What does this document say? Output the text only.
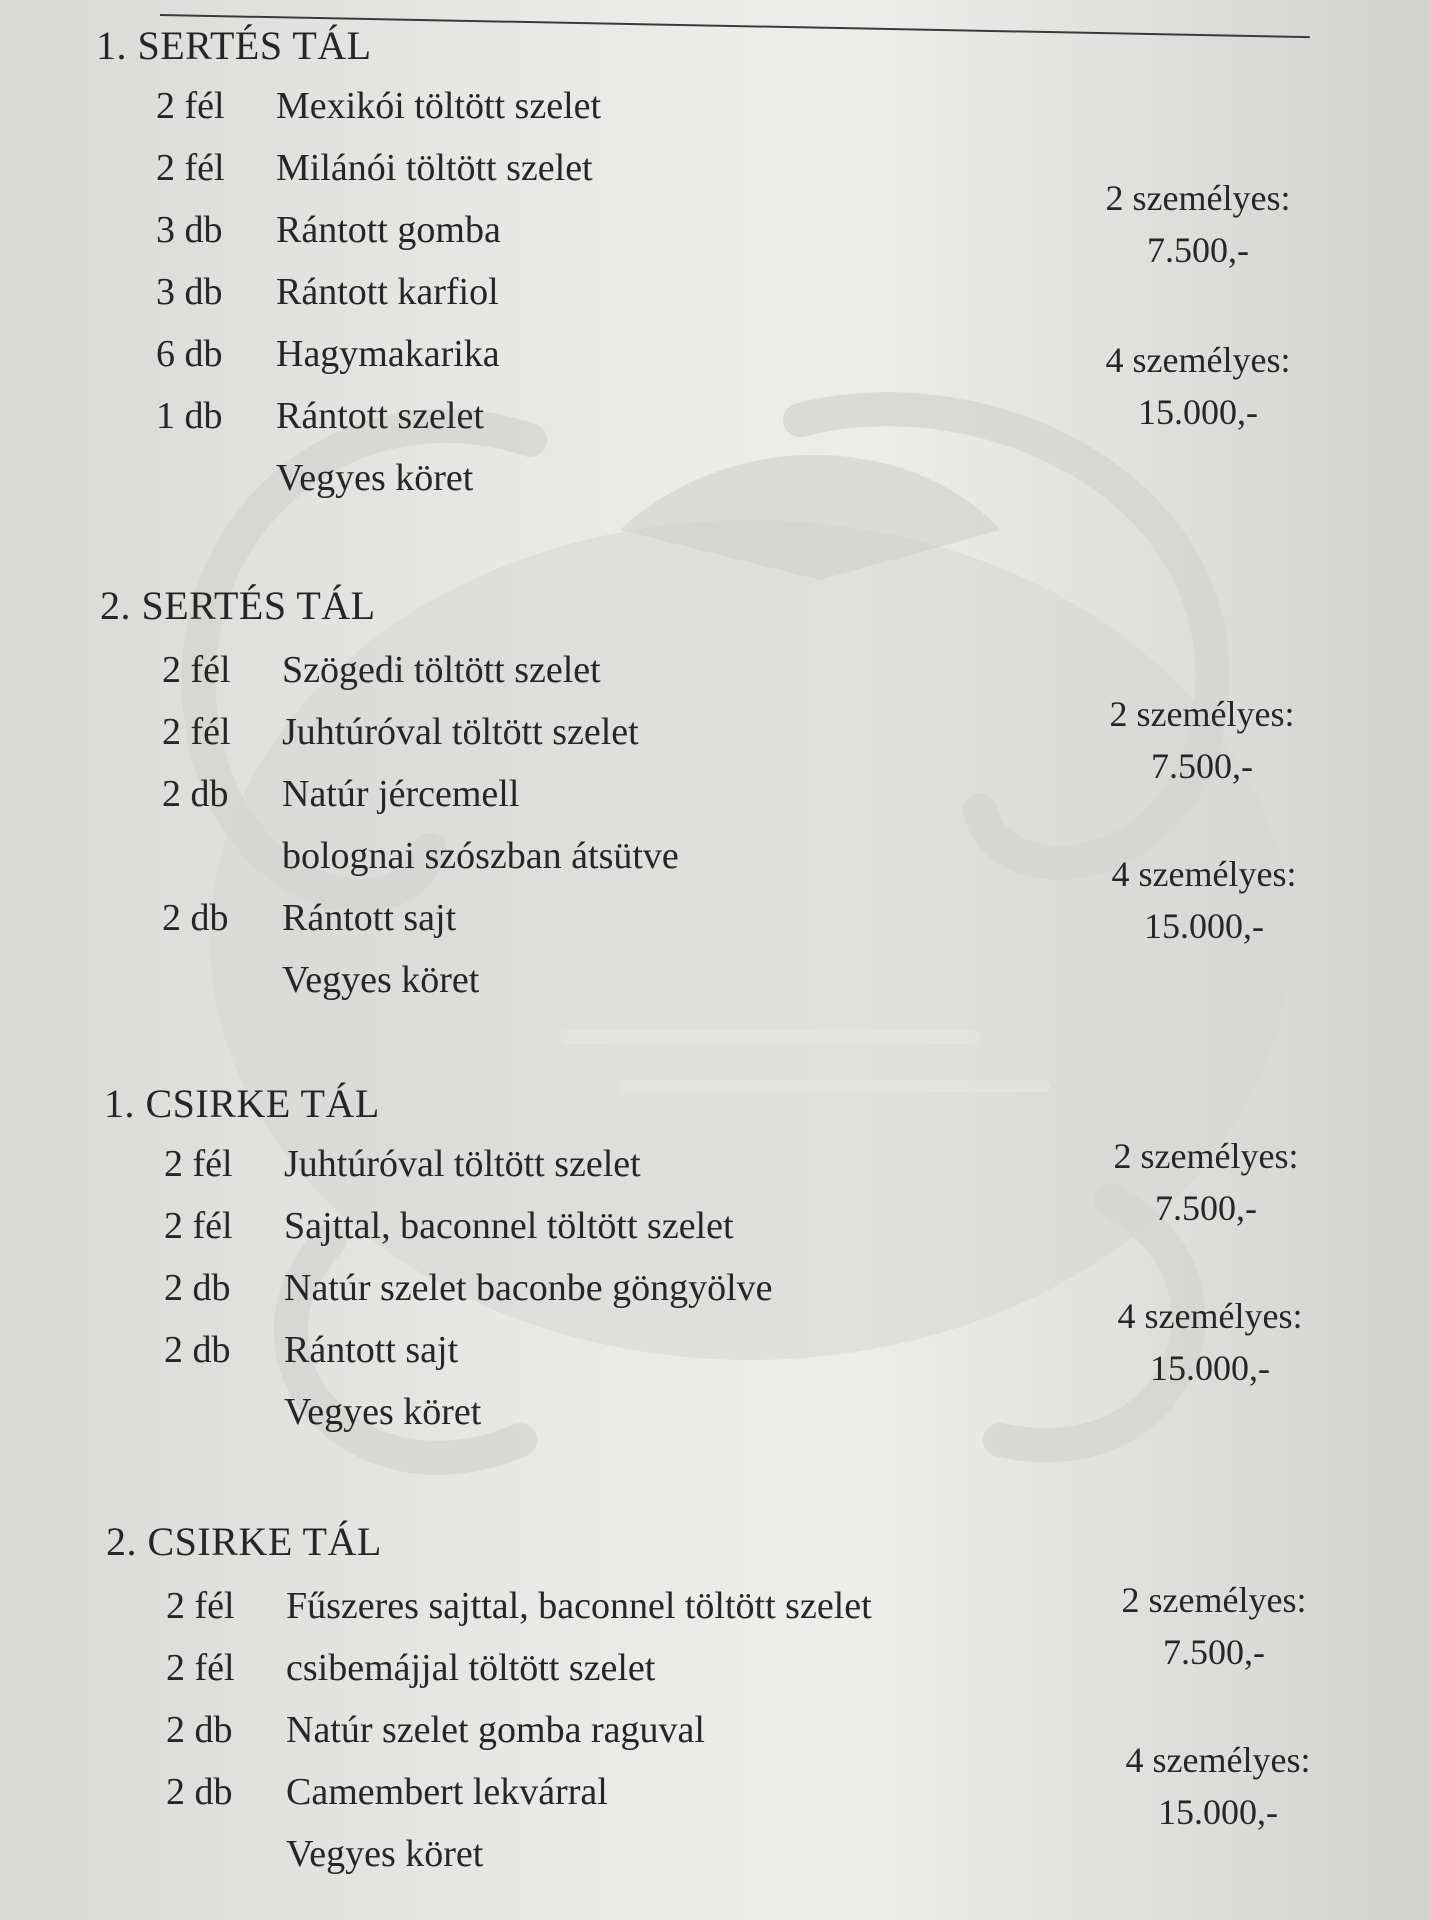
1. SERTÉS TÁL
2 fél Mexikói töltött szelet
2 fél Milánói töltött szelet
3 db Rántott gomba
3 db Rántott karfiol
6 db Hagymakarika
1 db Rántott szelet
Vegyes köret
2 személyes:
7.500,-
4 személyes:
15.000,-
2. SERTÉS TÁL
2 fél Szögedi töltött szelet
2 fél Juhtúróval töltött szelet
2 db Natúr jércemell
bolognai szószban átsütve
2 db Rántott sajt
Vegyes köret
2 személyes:
7.500,-
4 személyes:
15.000,-
1. CSIRKE TÁL
2 fél Juhtúróval töltött szelet
2 fél Sajttal, baconnel töltött szelet
2 db Natúr szelet baconbe göngyölve
2 db Rántott sajt
Vegyes köret
2 személyes:
7.500,-
4 személyes:
15.000,-
2. CSIRKE TÁL
2 fél Fűszeres sajttal, baconnel töltött szelet
2 fél csibemájjal töltött szelet
2 db Natúr szelet gomba raguval
2 db Camembert lekvárral
Vegyes köret
2 személyes:
7.500,-
4 személyes:
15.000,-
